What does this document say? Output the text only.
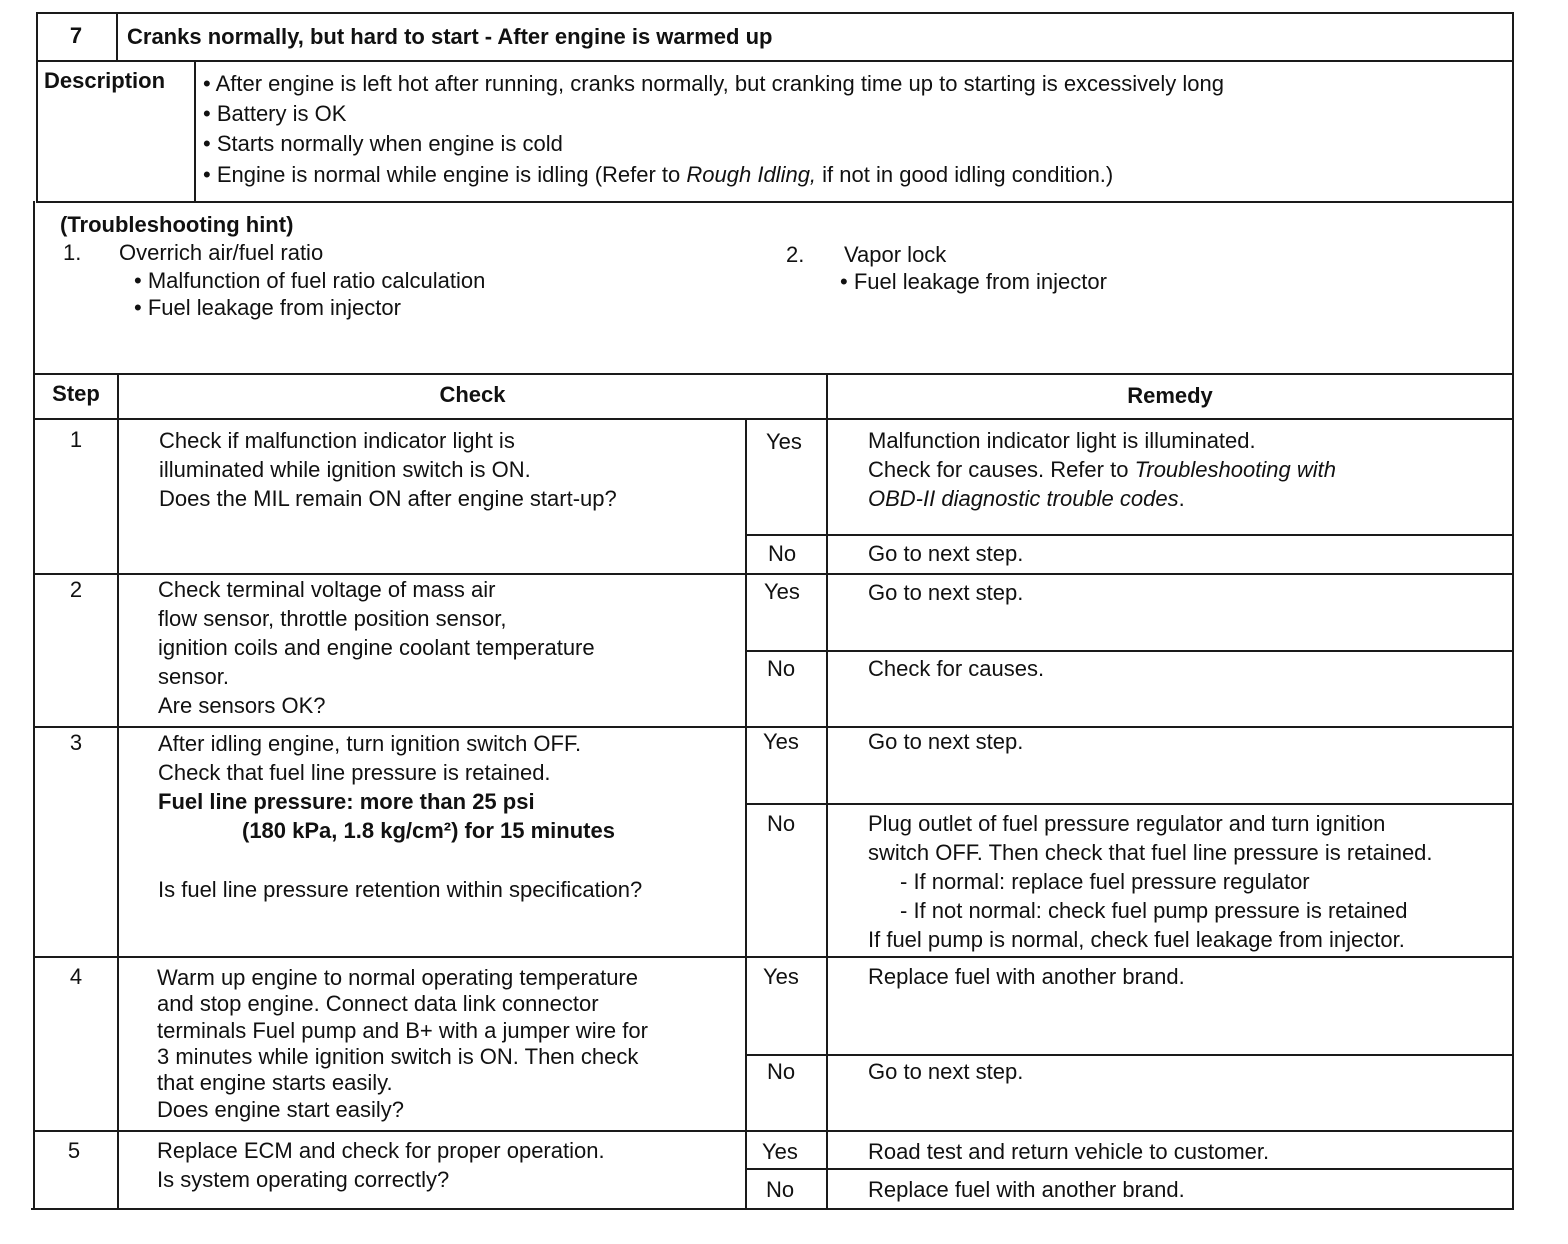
7	Cranks normally, but hard to start - After engine is warmed up
Description • After engine is left hot after running, cranks normally, but cranking time up to starting is excessively long
• Battery is OK
• Starts normally when engine is cold
• Engine is normal while engine is idling (Refer to Rough Idling, if not in good idling condition.)
(Troubleshooting hint)
1. Overrich air/fuel ratio
• Malfunction of fuel ratio calculation
• Fuel leakage from injector
2. Vapor lock
• Fuel leakage from injector
Step	Check	Remedy
1	Check if malfunction indicator light is
illuminated while ignition switch is ON.
Does the MIL remain ON after engine start-up?
Yes	Malfunction indicator light is illuminated.
Check for causes. Refer to Troubleshooting with
OBD-II diagnostic trouble codes.
No	Go to next step.
2	Check terminal voltage of mass air
flow sensor, throttle position sensor,
ignition coils and engine coolant temperature
sensor.
Are sensors OK?
Yes	Go to next step.
No	Check for causes.
3	After idling engine, turn ignition switch OFF.
Check that fuel line pressure is retained.
Fuel line pressure: more than 25 psi
(180 kPa, 1.8 kg/cm²) for 15 minutes
Is fuel line pressure retention within specification?
Yes	Go to next step.
No	Plug outlet of fuel pressure regulator and turn ignition
switch OFF. Then check that fuel line pressure is retained.
- If normal: replace fuel pressure regulator
- If not normal: check fuel pump pressure is retained
If fuel pump is normal, check fuel leakage from injector.
4	Warm up engine to normal operating temperature
and stop engine. Connect data link connector
terminals Fuel pump and B+ with a jumper wire for
3 minutes while ignition switch is ON. Then check
that engine starts easily.
Does engine start easily?
Yes	Replace fuel with another brand.
No	Go to next step.
5	Replace ECM and check for proper operation.
Is system operating correctly?
Yes	Road test and return vehicle to customer.
No	Replace fuel with another brand.
